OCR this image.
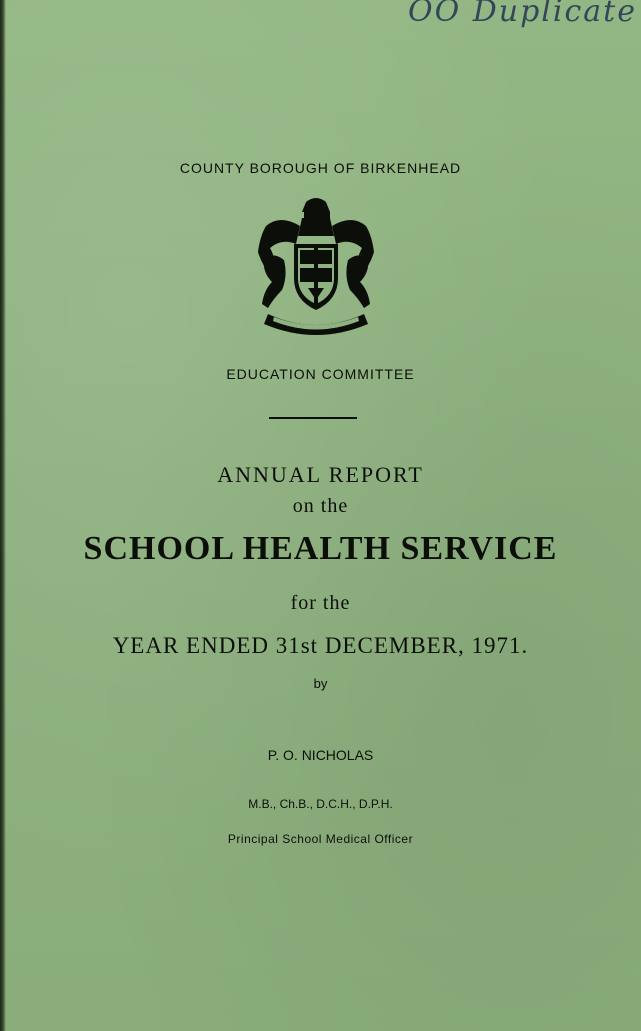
OO Duplicate
COUNTY BOROUGH OF BIRKENHEAD
EDUCATION COMMITTEE
ANNUAL REPORT
on the
SCHOOL HEALTH SERVICE
for the
YEAR ENDED 31st DECEMBER, 1971.
by
P. O. NICHOLAS
M.B., Ch.B., D.C.H., D.P.H.
Principal School Medical Officer
